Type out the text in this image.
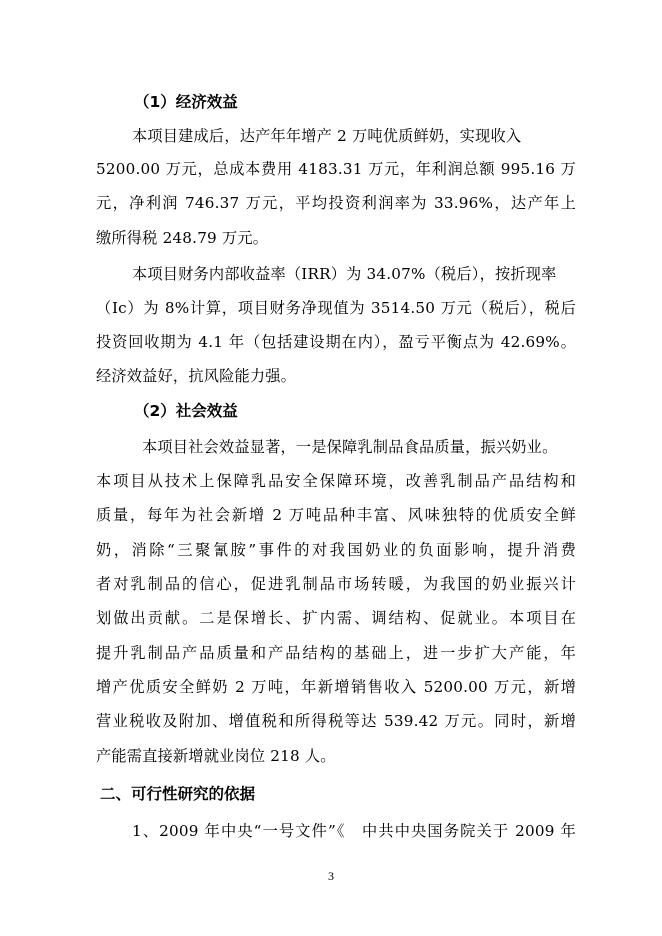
（1）经济效益
本项目建成后，达产年年增产 2 万吨优质鲜奶，实现收入
5200.00 万元，总成本费用 4183.31 万元，年利润总额 995.16 万
元，净利润 746.37 万元，平均投资利润率为 33.96%，达产年上
缴所得税 248.79 万元。
本项目财务内部收益率（IRR）为 34.07%（税后），按折现率
（Ic）为 8%计算，项目财务净现值为 3514.50 万元（税后），税后
投资回收期为 4.1 年（包括建设期在内），盈亏平衡点为 42.69%。
经济效益好，抗风险能力强。
（2）社会效益
本项目社会效益显著，一是保障乳制品食品质量，振兴奶业。
本项目从技术上保障乳品安全保障环境，改善乳制品产品结构和
质量，每年为社会新增 2 万吨品种丰富、风味独特的优质安全鲜
奶，消除“三聚氰胺”事件的对我国奶业的负面影响，提升消费
者对乳制品的信心，促进乳制品市场转暖，为我国的奶业振兴计
划做出贡献。二是保增长、扩内需、调结构、促就业。本项目在
提升乳制品产品质量和产品结构的基础上，进一步扩大产能，年
增产优质安全鲜奶 2 万吨，年新增销售收入 5200.00 万元，新增
营业税收及附加、增值税和所得税等达 539.42 万元。同时，新增
产能需直接新增就业岗位 218 人。
二、可行性研究的依据
1、2009 年中央“一号文件”《　中共中央国务院关于 2009 年
3
